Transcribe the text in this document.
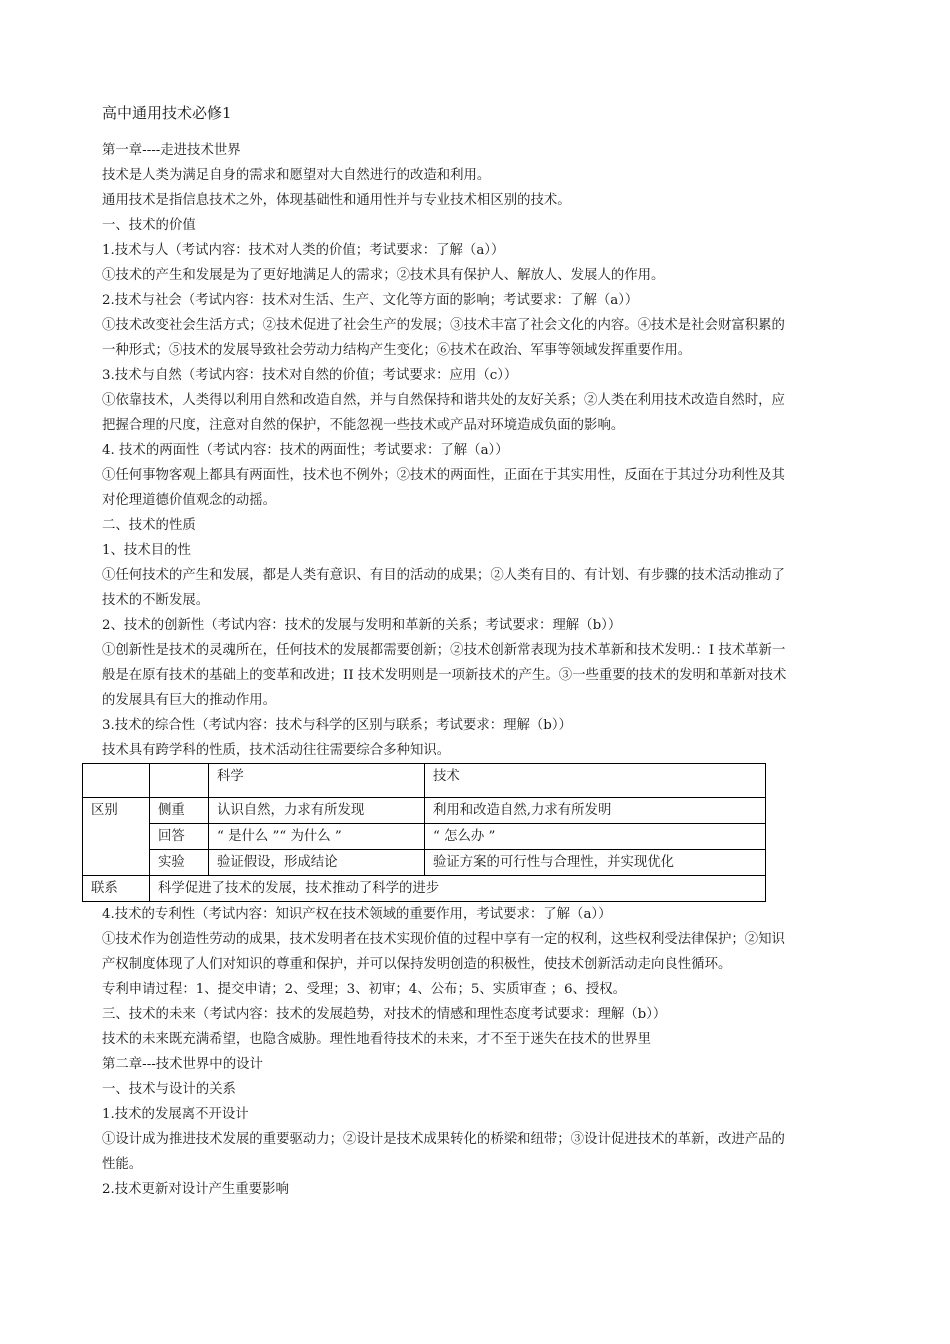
高中通用技术必修1

第一章----走进技术世界

技术是人类为满足自身的需求和愿望对大自然进行的改造和利用。

通用技术是指信息技术之外，体现基础性和通用性并与专业技术相区别的技术。

一、技术的价值

1.技术与人（考试内容：技术对人类的价值；考试要求：了解（a））

①技术的产生和发展是为了更好地满足人的需求；②技术具有保护人、解放人、发展人的作用。

2.技术与社会（考试内容：技术对生活、生产、文化等方面的影响；考试要求：了解（a））

①技术改变社会生活方式；②技术促进了社会生产的发展；③技术丰富了社会文化的内容。④技术是社会财富积累的

一种形式；⑤技术的发展导致社会劳动力结构产生变化；⑥技术在政治、军事等领域发挥重要作用。

3.技术与自然（考试内容：技术对自然的价值；考试要求：应用（c））

①依靠技术，人类得以利用自然和改造自然，并与自然保持和谐共处的友好关系；②人类在利用技术改造自然时，应

把握合理的尺度，注意对自然的保护，不能忽视一些技术或产品对环境造成负面的影响。

4. 技术的两面性（考试内容：技术的两面性；考试要求：了解（a））

①任何事物客观上都具有两面性，技术也不例外；②技术的两面性，正面在于其实用性，反面在于其过分功利性及其

对伦理道德价值观念的动摇。

二、技术的性质

1、技术目的性

①任何技术的产生和发展，都是人类有意识、有目的活动的成果；②人类有目的、有计划、有步骤的技术活动推动了

技术的不断发展。

2、技术的创新性（考试内容：技术的发展与发明和革新的关系；考试要求：理解（b））

①创新性是技术的灵魂所在，任何技术的发展都需要创新；②技术创新常表现为技术革新和技术发明.：I 技术革新一

般是在原有技术的基础上的变革和改进；II 技术发明则是一项新技术的产生。③一些重要的技术的发明和革新对技术

的发展具有巨大的推动作用。

3.技术的综合性（考试内容：技术与科学的区别与联系；考试要求：理解（b））

技术具有跨学科的性质，技术活动往往需要综合多种知识。

		科学	技术
区别	侧重	认识自然，力求有所发现	利用和改造自然,力求有所发明
	回答	“ 是什么 ”“ 为什么 ”	“ 怎么办 ”
	实验	验证假设，形成结论	验证方案的可行性与合理性，并实现优化
联系	科学促进了技术的发展，技术推动了科学的进步		

4.技术的专利性（考试内容：知识产权在技术领域的重要作用，考试要求：了解（a））

①技术作为创造性劳动的成果，技术发明者在技术实现价值的过程中享有一定的权利，这些权利受法律保护；②知识

产权制度体现了人们对知识的尊重和保护，并可以保持发明创造的积极性，使技术创新活动走向良性循环。

专利申请过程：1、提交申请；2、受理；3、初审；4、公布；5、实质审查 ；6、授权。

三、技术的未来（考试内容：技术的发展趋势，对技术的情感和理性态度考试要求：理解（b））

技术的未来既充满希望，也隐含威胁。理性地看待技术的未来，才不至于迷失在技术的世界里

第二章---技术世界中的设计

一、技术与设计的关系

1.技术的发展离不开设计

①设计成为推进技术发展的重要驱动力；②设计是技术成果转化的桥梁和纽带；③设计促进技术的革新，改进产品的

性能。

2.技术更新对设计产生重要影响
